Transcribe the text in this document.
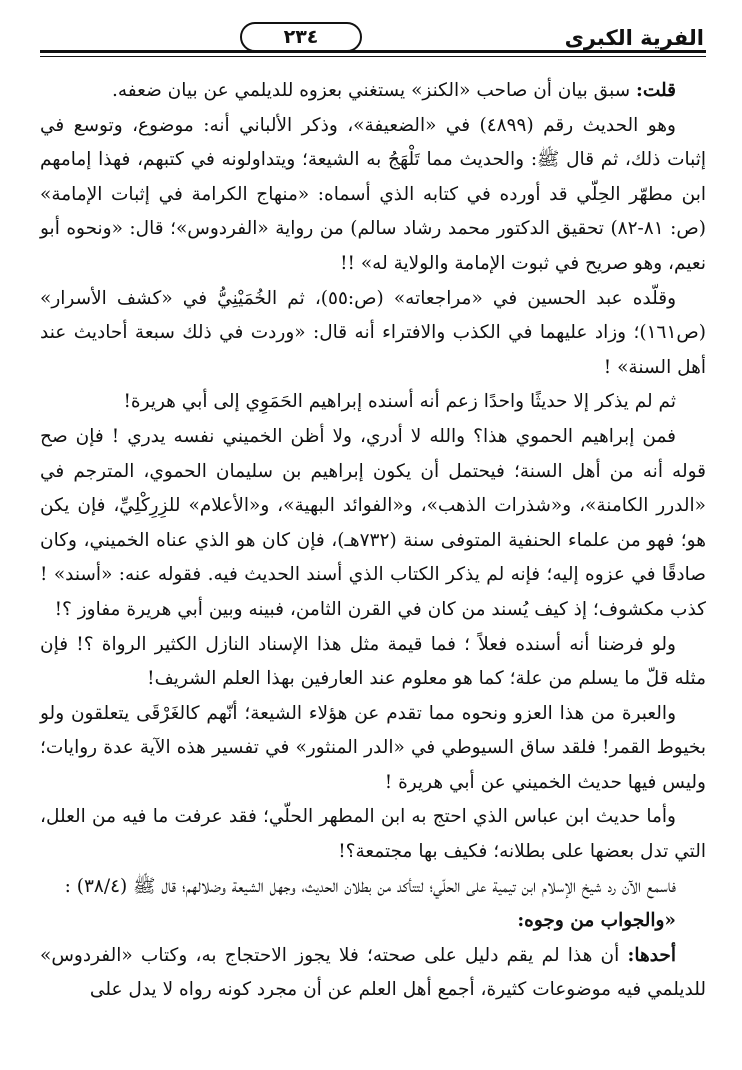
الفرية الكبرى
٢٣٤

قلت: سبق بيان أن صاحب «الكنز» يستغني بعزوه للديلمي عن بيان ضعفه.

وهو الحديث رقم (٤٨٩٩) في «الضعيفة»، وذكر الألباني أنه: موضوع، وتوسع في إثبات ذلك، ثم قال ﷺ: والحديث مما تَلْهَجُ به الشيعة؛ ويتداولونه في كتبهم، فهذا إمامهم ابن مطهّر الحِلّي قد أورده في كتابه الذي أسماه: «منهاج الكرامة في إثبات الإمامة» (ص: ٨١-٨٢) تحقيق الدكتور محمد رشاد سالم) من رواية «الفردوس»؛ قال: «ونحوه أبو نعيم، وهو صريح في ثبوت الإمامة والولاية له» !!

وقلّده عبد الحسين في «مراجعاته» (ص:٥٥)، ثم الخُمَيْنِيُّ في «كشف الأسرار» (ص١٦١)؛ وزاد عليهما في الكذب والافتراء أنه قال: «وردت في ذلك سبعة أحاديث عند أهل السنة» !

ثم لم يذكر إلا حديثًا واحدًا زعم أنه أسنده إبراهيم الحَمَوِي إلى أبي هريرة!

فمن إبراهيم الحموي هذا؟ والله لا أدري، ولا أظن الخميني نفسه يدري ! فإن صح قوله أنه من أهل السنة؛ فيحتمل أن يكون إبراهيم بن سليمان الحموي، المترجم في «الدرر الكامنة»، و«شذرات الذهب»، و«الفوائد البهية»، و«الأعلام» للزِرِكْلِيِّ، فإن يكن هو؛ فهو من علماء الحنفية المتوفى سنة (٧٣٢هـ)، فإن كان هو الذي عناه الخميني، وكان صادقًا في عزوه إليه؛ فإنه لم يذكر الكتاب الذي أسند الحديث فيه. فقوله عنه: «أسند» ! كذب مكشوف؛ إذ كيف يُسند من كان في القرن الثامن، فبينه وبين أبي هريرة مفاوز ؟!

ولو فرضنا أنه أسنده فعلاً ؛ فما قيمة مثل هذا الإسناد النازل الكثير الرواة ؟! فإن مثله قلّ ما يسلم من علة؛ كما هو معلوم عند العارفين بهذا العلم الشريف!

والعبرة من هذا العزو ونحوه مما تقدم عن هؤلاء الشيعة؛ أنّهم كالغَرْقَى يتعلقون ولو بخيوط القمر! فلقد ساق السيوطي في «الدر المنثور» في تفسير هذه الآية عدة روايات؛ وليس فيها حديث الخميني عن أبي هريرة !

وأما حديث ابن عباس الذي احتج به ابن المطهر الحلّي؛ فقد عرفت ما فيه من العلل، التي تدل بعضها على بطلانه؛ فكيف بها مجتمعة؟!

فاسمع الآن رد شيخ الإسلام ابن تيمية على الحلّي؛ لتتأكد من بطلان الحديث، وجهل الشيعة وضلالهم؛ قال ﷺ (٣٨/٤) :

«والجواب من وجوه:

أحدها: أن هذا لم يقم دليل على صحته؛ فلا يجوز الاحتجاج به، وكتاب «الفردوس» للديلمي فيه موضوعات كثيرة، أجمع أهل العلم عن أن مجرد كونه رواه لا يدل على
